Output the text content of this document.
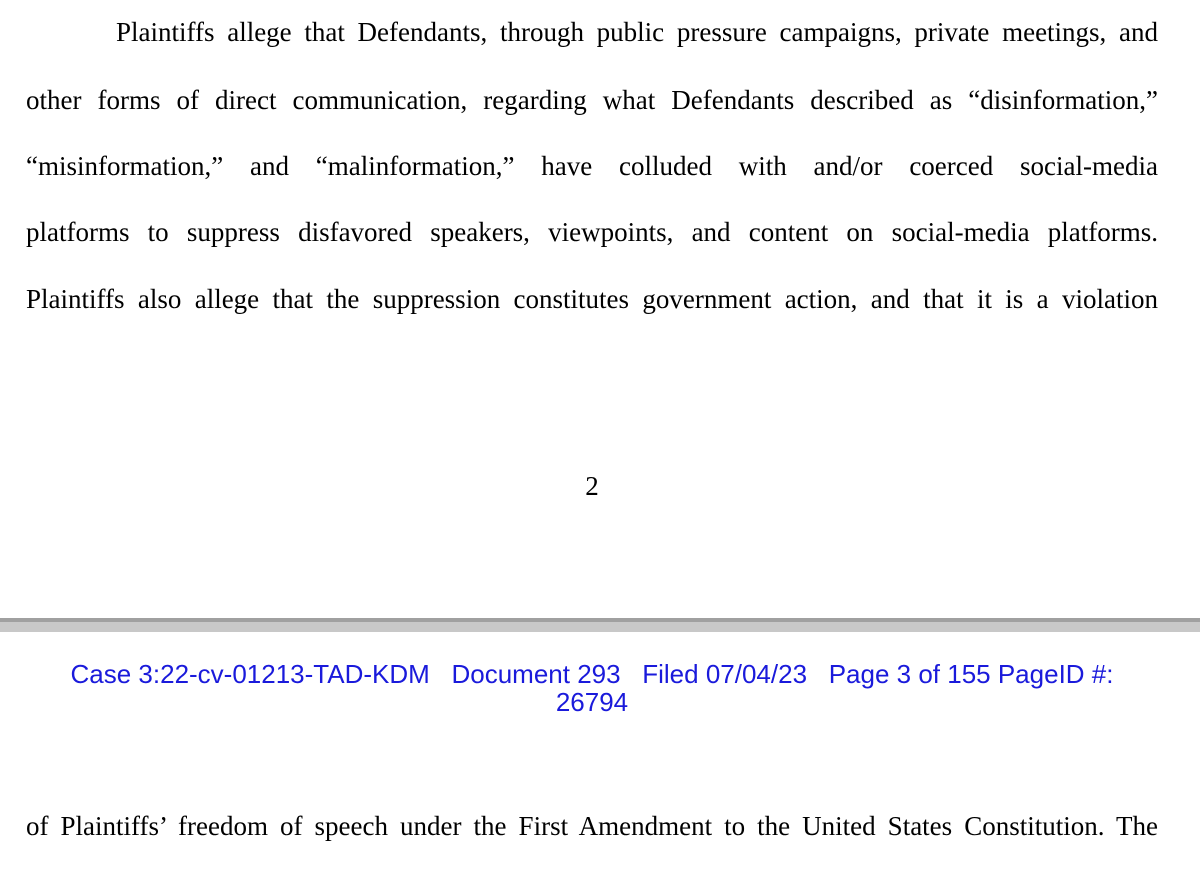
Plaintiffs allege that Defendants, through public pressure campaigns, private meetings, and
other forms of direct communication, regarding what Defendants described as “disinformation,”
“misinformation,” and “malinformation,” have colluded with and/or coerced social-media
platforms to suppress disfavored speakers, viewpoints, and content on social-media platforms.
Plaintiffs also allege that the suppression constitutes government action, and that it is a violation
2
Case 3:22-cv-01213-TAD-KDM   Document 293   Filed 07/04/23   Page 3 of 155 PageID #:
26794
of Plaintiffs’ freedom of speech under the First Amendment to the United States Constitution. The
